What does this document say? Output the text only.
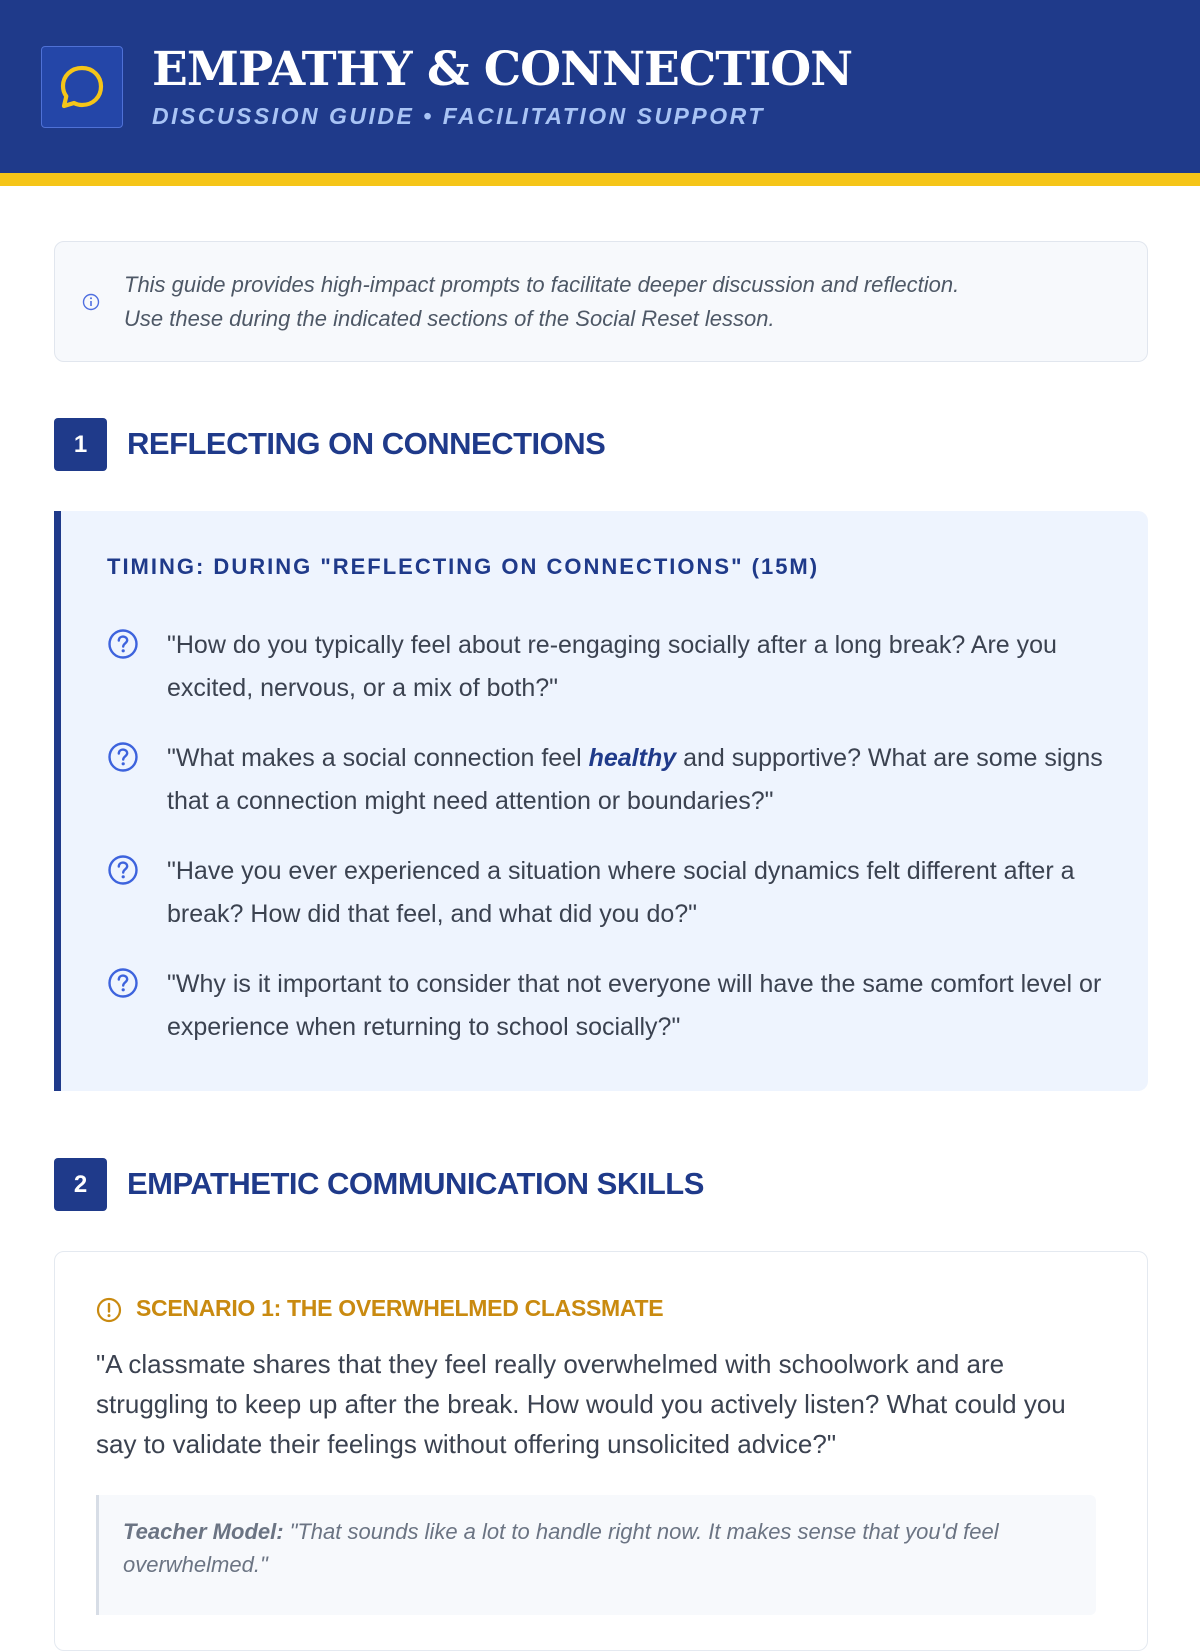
EMPATHY & CONNECTION
DISCUSSION GUIDE • FACILITATION SUPPORT
This guide provides high-impact prompts to facilitate deeper discussion and reflection.
Use these during the indicated sections of the Social Reset lesson.
1	REFLECTING ON CONNECTIONS
TIMING: DURING "REFLECTING ON CONNECTIONS" (15M)
"How do you typically feel about re-engaging socially after a long break? Are you excited, nervous, or a mix of both?"
"What makes a social connection feel healthy and supportive? What are some signs that a connection might need attention or boundaries?"
"Have you ever experienced a situation where social dynamics felt different after a break? How did that feel, and what did you do?"
"Why is it important to consider that not everyone will have the same comfort level or experience when returning to school socially?"
2	EMPATHETIC COMMUNICATION SKILLS
SCENARIO 1: THE OVERWHELMED CLASSMATE
"A classmate shares that they feel really overwhelmed with schoolwork and are struggling to keep up after the break. How would you actively listen? What could you say to validate their feelings without offering unsolicited advice?"
Teacher Model: "That sounds like a lot to handle right now. It makes sense that you'd feel overwhelmed."
